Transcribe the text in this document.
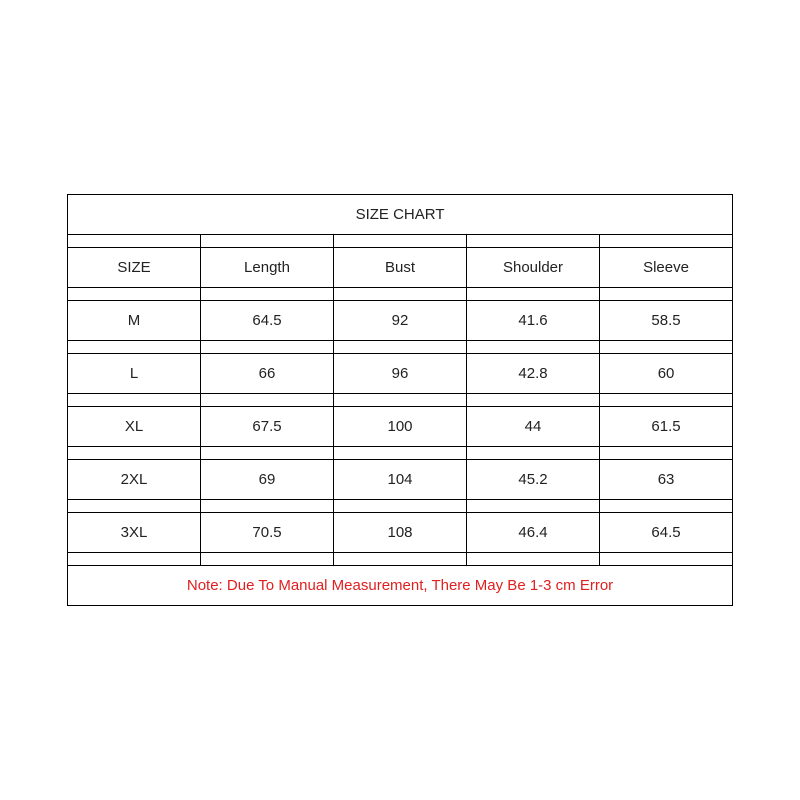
SIZE CHART				

SIZE	Length	Bust	Shoulder	Sleeve

M	64.5	92	41.6	58.5

L	66	96	42.8	60

XL	67.5	100	44	61.5

2XL	69	104	45.2	63

3XL	70.5	108	46.4	64.5

Note: Due To Manual Measurement, There May Be 1-3 cm Error				
